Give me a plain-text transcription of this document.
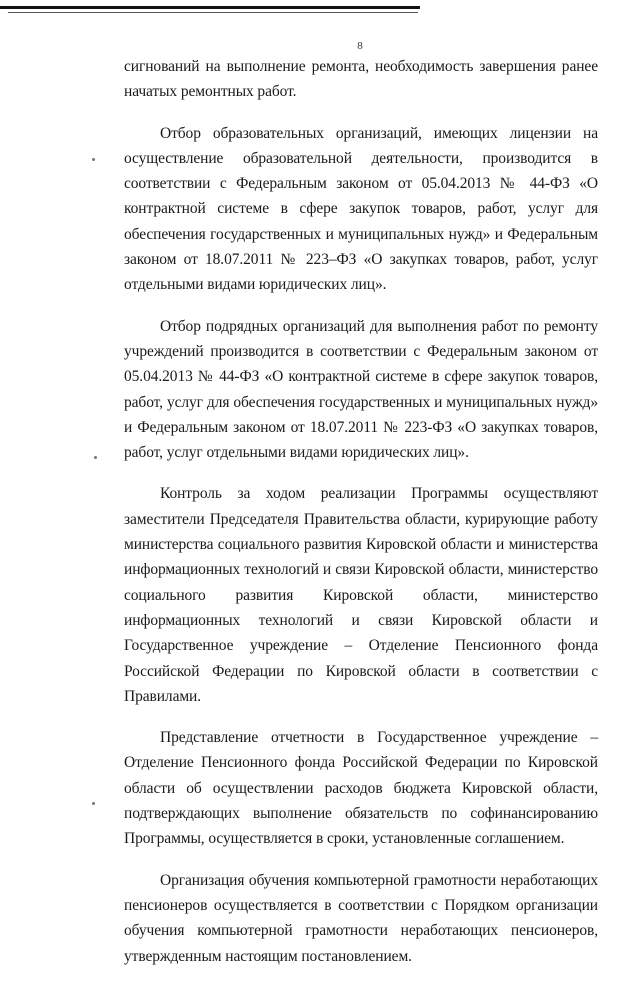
8

сигнований на выполнение ремонта, необходимость завершения ранее начатых ремонтных работ.

Отбор образовательных организаций, имеющих лицензии на осуществление образовательной деятельности, производится в соответствии с Федеральным законом от 05.04.2013 № 44-ФЗ «О контрактной системе в сфере закупок товаров, работ, услуг для обеспечения государственных и муниципальных нужд» и Федеральным законом от 18.07.2011 № 223–ФЗ «О закупках товаров, работ, услуг отдельными видами юридических лиц».

Отбор подрядных организаций для выполнения работ по ремонту учреждений производится в соответствии с Федеральным законом от 05.04.2013 № 44-ФЗ «О контрактной системе в сфере закупок товаров, работ, услуг для обеспечения государственных и муниципальных нужд» и Федеральным законом от 18.07.2011 № 223-ФЗ «О закупках товаров, работ, услуг отдельными видами юридических лиц».

Контроль за ходом реализации Программы осуществляют заместители Председателя Правительства области, курирующие работу министерства социального развития Кировской области и министерства информационных технологий и связи Кировской области, министерство социального развития Кировской области, министерство информационных технологий и связи Кировской области и Государственное учреждение – Отделение Пенсионного фонда Российской Федерации по Кировской области в соответствии с Правилами.

Представление отчетности в Государственное учреждение – Отделение Пенсионного фонда Российской Федерации по Кировской области об осуществлении расходов бюджета Кировской области, подтверждающих выполнение обязательств по софинансированию Программы, осуществляется в сроки, установленные соглашением.

Организация обучения компьютерной грамотности неработающих пенсионеров осуществляется в соответствии с Порядком организации обучения компьютерной грамотности неработающих пенсионеров, утвержденным настоящим постановлением.
